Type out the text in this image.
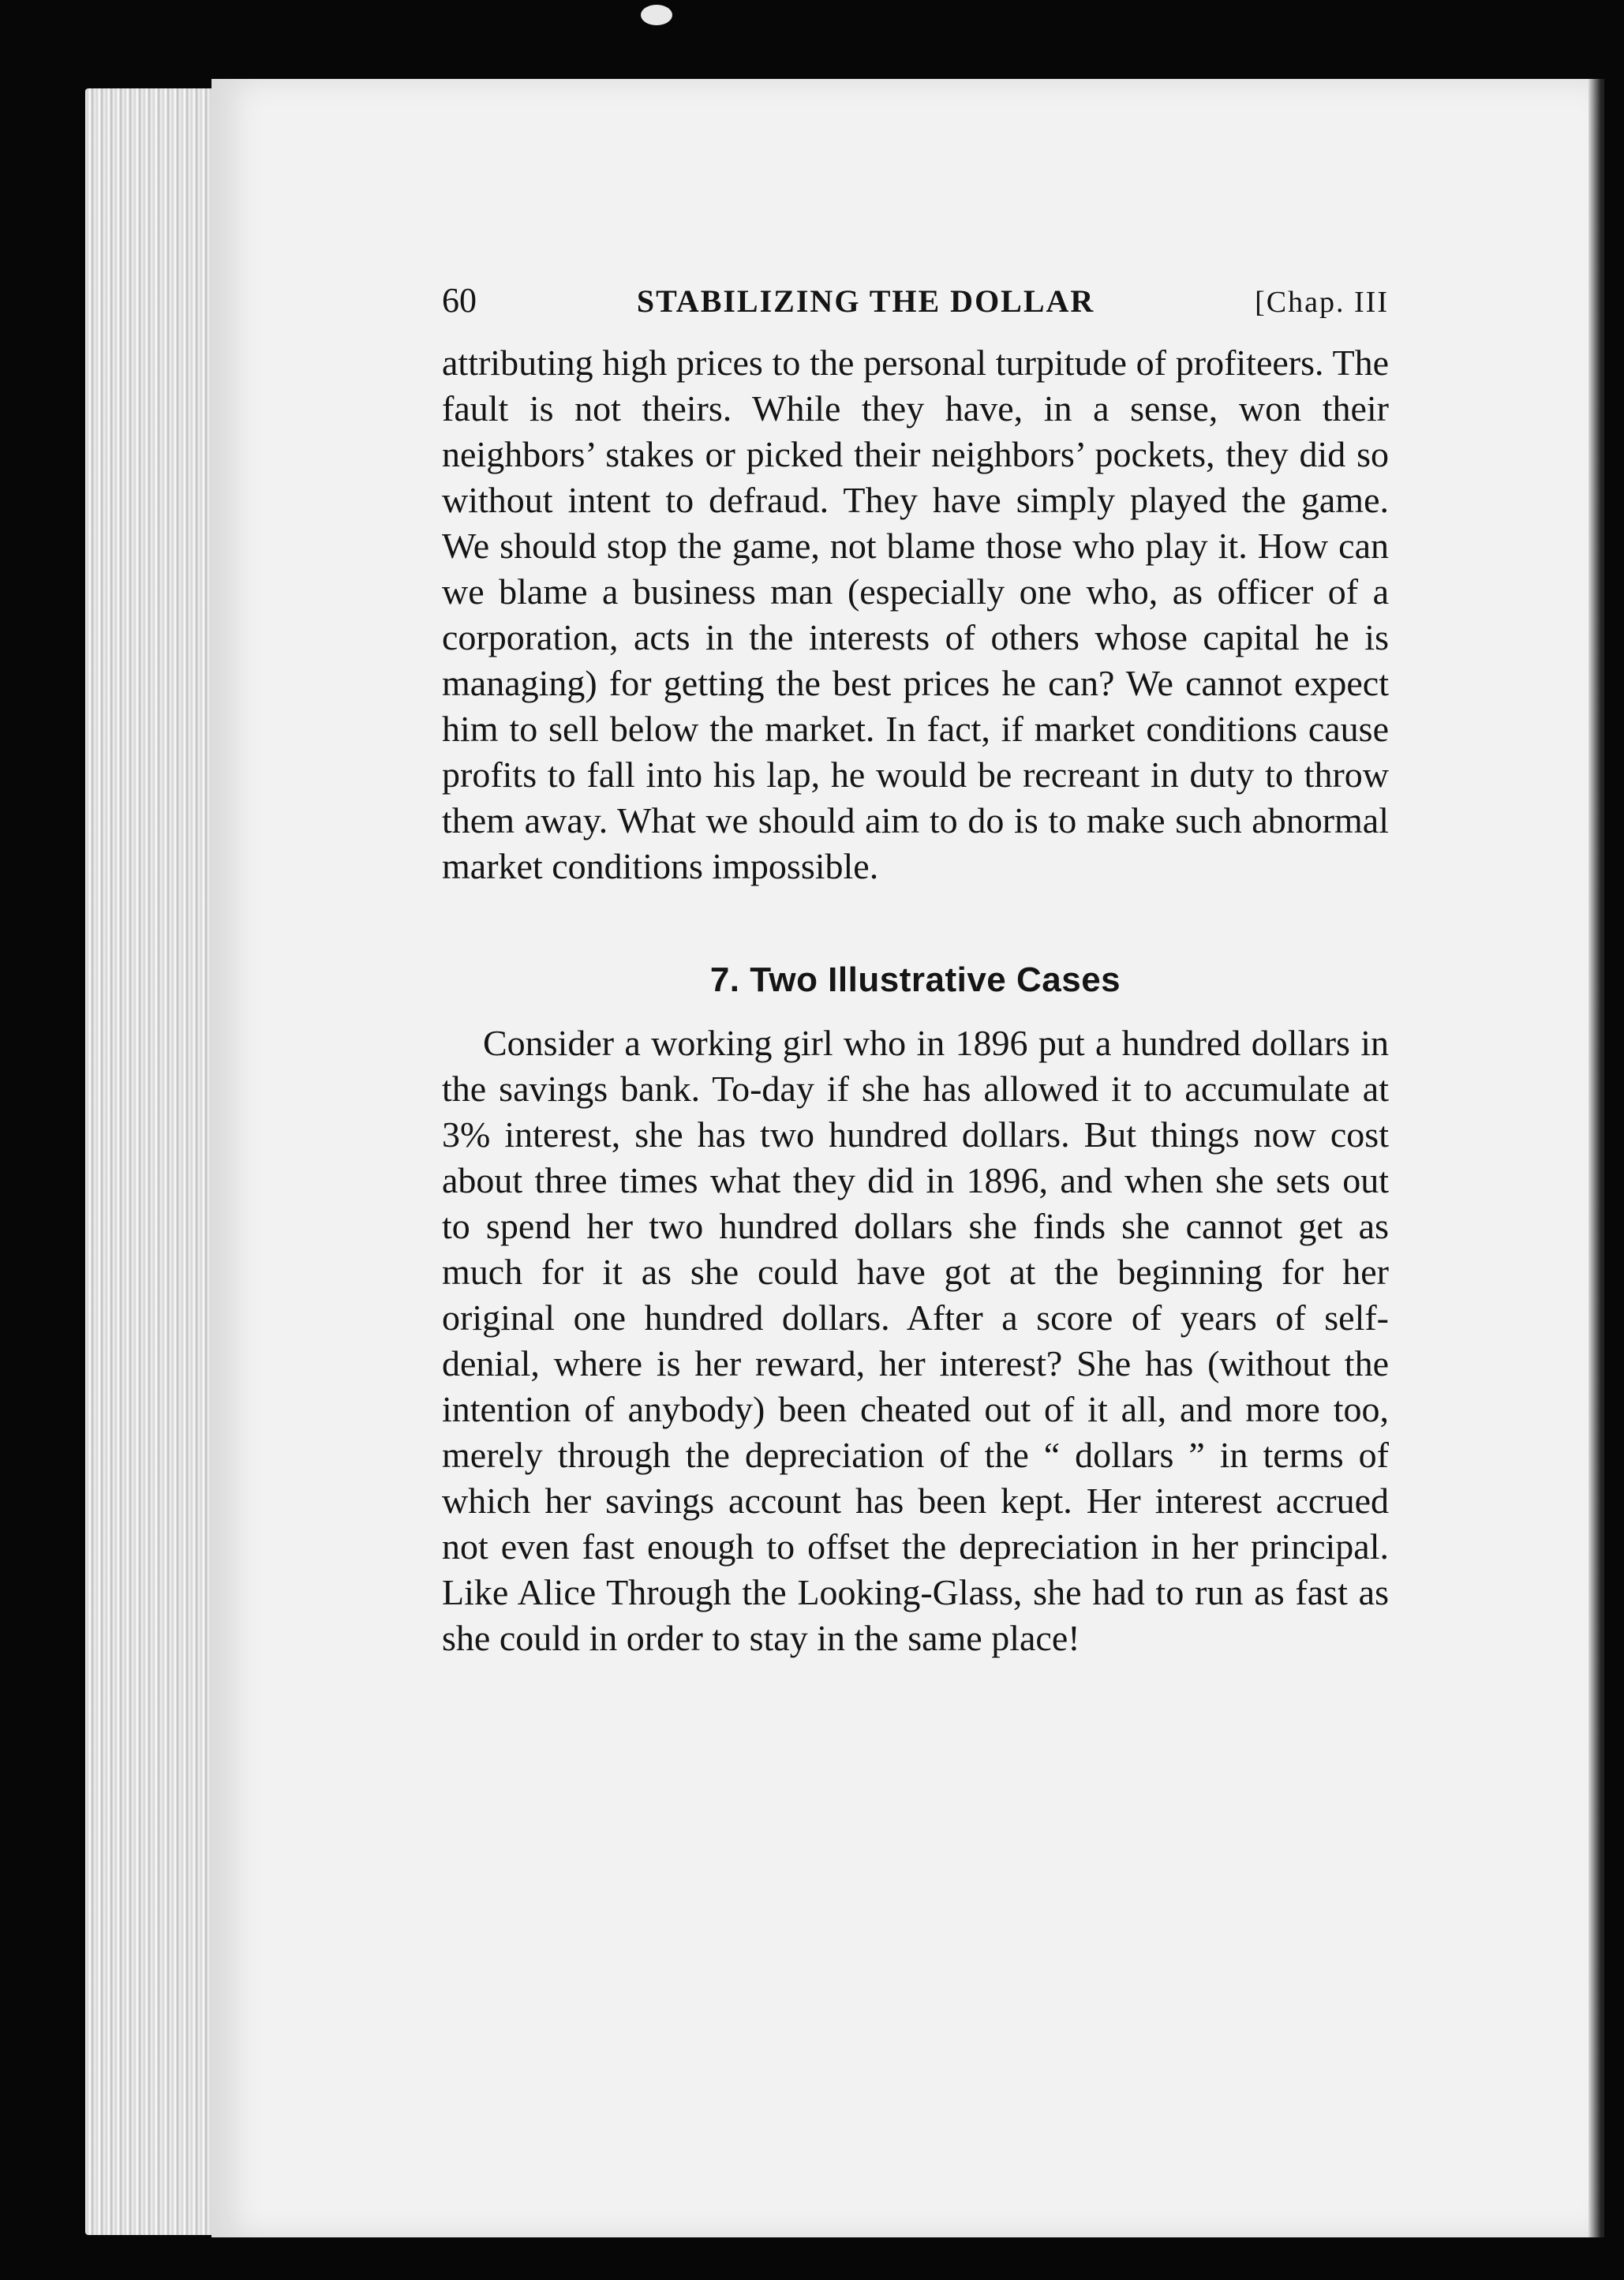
60	STABILIZING THE DOLLAR	[Chap. III

attributing high prices to the personal turpitude of profiteers. The fault is not theirs. While they have, in a sense, won their neighbors’ stakes or picked their neighbors’ pockets, they did so without intent to defraud. They have simply played the game. We should stop the game, not blame those who play it. How can we blame a business man (especially one who, as officer of a corporation, acts in the interests of others whose capital he is managing) for getting the best prices he can? We cannot expect him to sell below the market. In fact, if market conditions cause profits to fall into his lap, he would be recreant in duty to throw them away. What we should aim to do is to make such abnormal market conditions impossible.

7. Two Illustrative Cases

Consider a working girl who in 1896 put a hundred dollars in the savings bank. To-day if she has allowed it to accumulate at 3% interest, she has two hundred dollars. But things now cost about three times what they did in 1896, and when she sets out to spend her two hundred dollars she finds she cannot get as much for it as she could have got at the beginning for her original one hundred dollars. After a score of years of self-denial, where is her reward, her interest? She has (without the intention of anybody) been cheated out of it all, and more too, merely through the depreciation of the “ dollars ” in terms of which her savings account has been kept. Her interest accrued not even fast enough to offset the depreciation in her principal. Like Alice Through the Looking-Glass, she had to run as fast as she could in order to stay in the same place!
